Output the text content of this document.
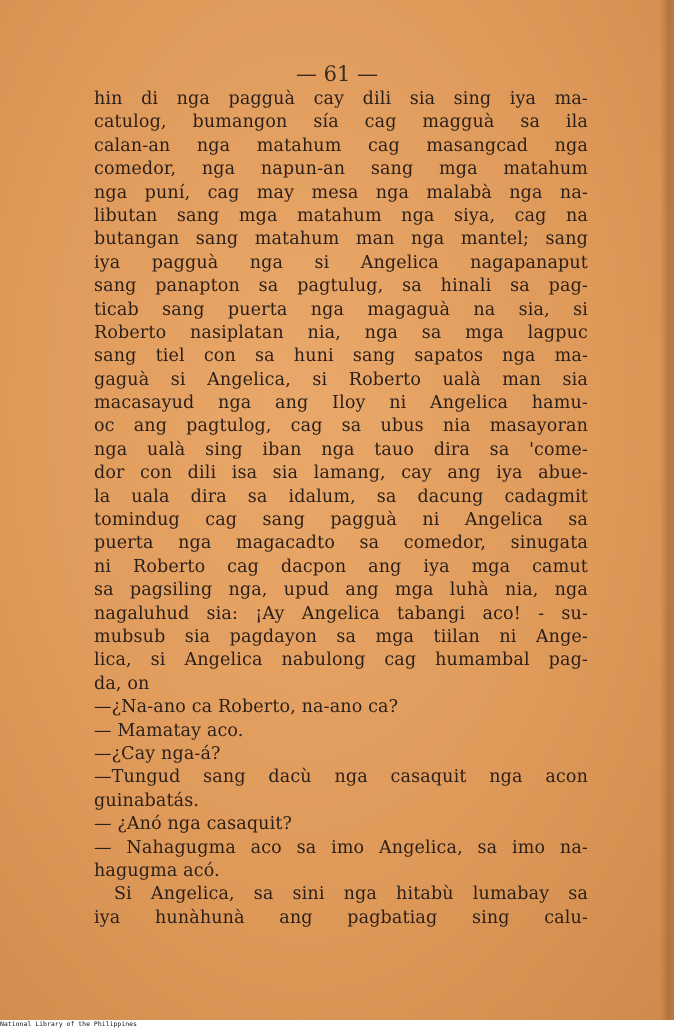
— 61 —
hin di nga pagguà cay dili sia sing iya ma-
catulog, bumangon sía cag magguà sa ila
calan-an nga matahum cag masangcad nga
comedor, nga napun-an sang mga matahum
nga puní, cag may mesa nga malabà nga na-
libutan sang mga matahum nga siya, cag na
butangan sang matahum man nga mantel; sang
iya pagguà nga si Angelica nagapanaput
sang panapton sa pagtulug, sa hinali sa pag-
ticab sang puerta nga magaguà na sia, si
Roberto nasiplatan nia, nga sa mga lagpuc
sang tiel con sa huni sang sapatos nga ma-
gaguà si Angelica, si Roberto ualà man sia
macasayud nga ang Iloy ni Angelica hamu-
oc ang pagtulog, cag sa ubus nia masayoran
nga ualà sing iban nga tauo dira sa 'come-
dor con dili isa sia lamang, cay ang iya abue-
la uala dira sa idalum, sa dacung cadagmit
tomindug cag sang pagguà ni Angelica sa
puerta nga magacadto sa comedor, sinugata
ni Roberto cag dacpon ang iya mga camut
sa pagsiling nga, upud ang mga luhà nia, nga
nagaluhud sia: ¡Ay Angelica tabangi aco! - su-
mubsub sia pagdayon sa mga tiilan ni Ange-
lica, si Angelica nabulong cag humambal pag-
da, on
—¿Na-ano ca Roberto, na-ano ca?
— Mamatay aco.
—¿Cay nga-á?
—Tungud sang dacù nga casaquit nga acon
guinabatás.
— ¿Anó nga casaquit?
— Nahagugma aco sa imo Angelica, sa imo na-
hagugma acó.
Si Angelica, sa sini nga hitabù lumabay sa
iya hunàhunà ang pagbatiag sing calu-
National Library of the Philippines
